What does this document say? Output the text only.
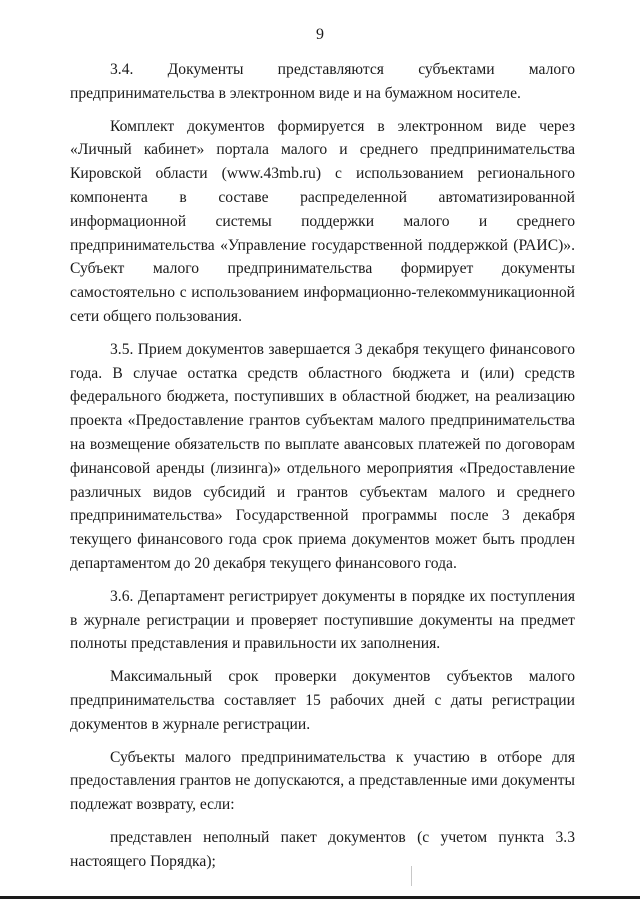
9

3.4. Документы представляются субъектами малого предпринимательства в электронном виде и на бумажном носителе.

Комплект документов формируется в электронном виде через «Личный кабинет» портала малого и среднего предпринимательства Кировской области (www.43mb.ru) с использованием регионального компонента в составе распределенной автоматизированной информационной системы поддержки малого и среднего предпринимательства «Управление государственной поддержкой (РАИС)». Субъект малого предпринимательства формирует документы самостоятельно с использованием информационно-телекоммуникационной сети общего пользования.

3.5. Прием документов завершается 3 декабря текущего финансового года. В случае остатка средств областного бюджета и (или) средств федерального бюджета, поступивших в областной бюджет, на реализацию проекта «Предоставление грантов субъектам малого предпринимательства на возмещение обязательств по выплате авансовых платежей по договорам финансовой аренды (лизинга)» отдельного мероприятия «Предоставление различных видов субсидий и грантов субъектам малого и среднего предпринимательства» Государственной программы после 3 декабря текущего финансового года срок приема документов может быть продлен департаментом до 20 декабря текущего финансового года.

3.6. Департамент регистрирует документы в порядке их поступления в журнале регистрации и проверяет поступившие документы на предмет полноты представления и правильности их заполнения.

Максимальный срок проверки документов субъектов малого предпринимательства составляет 15 рабочих дней с даты регистрации документов в журнале регистрации.

Субъекты малого предпринимательства к участию в отборе для предоставления грантов не допускаются, а представленные ими документы подлежат возврату, если:

представлен неполный пакет документов (с учетом пункта 3.3 настоящего Порядка);
